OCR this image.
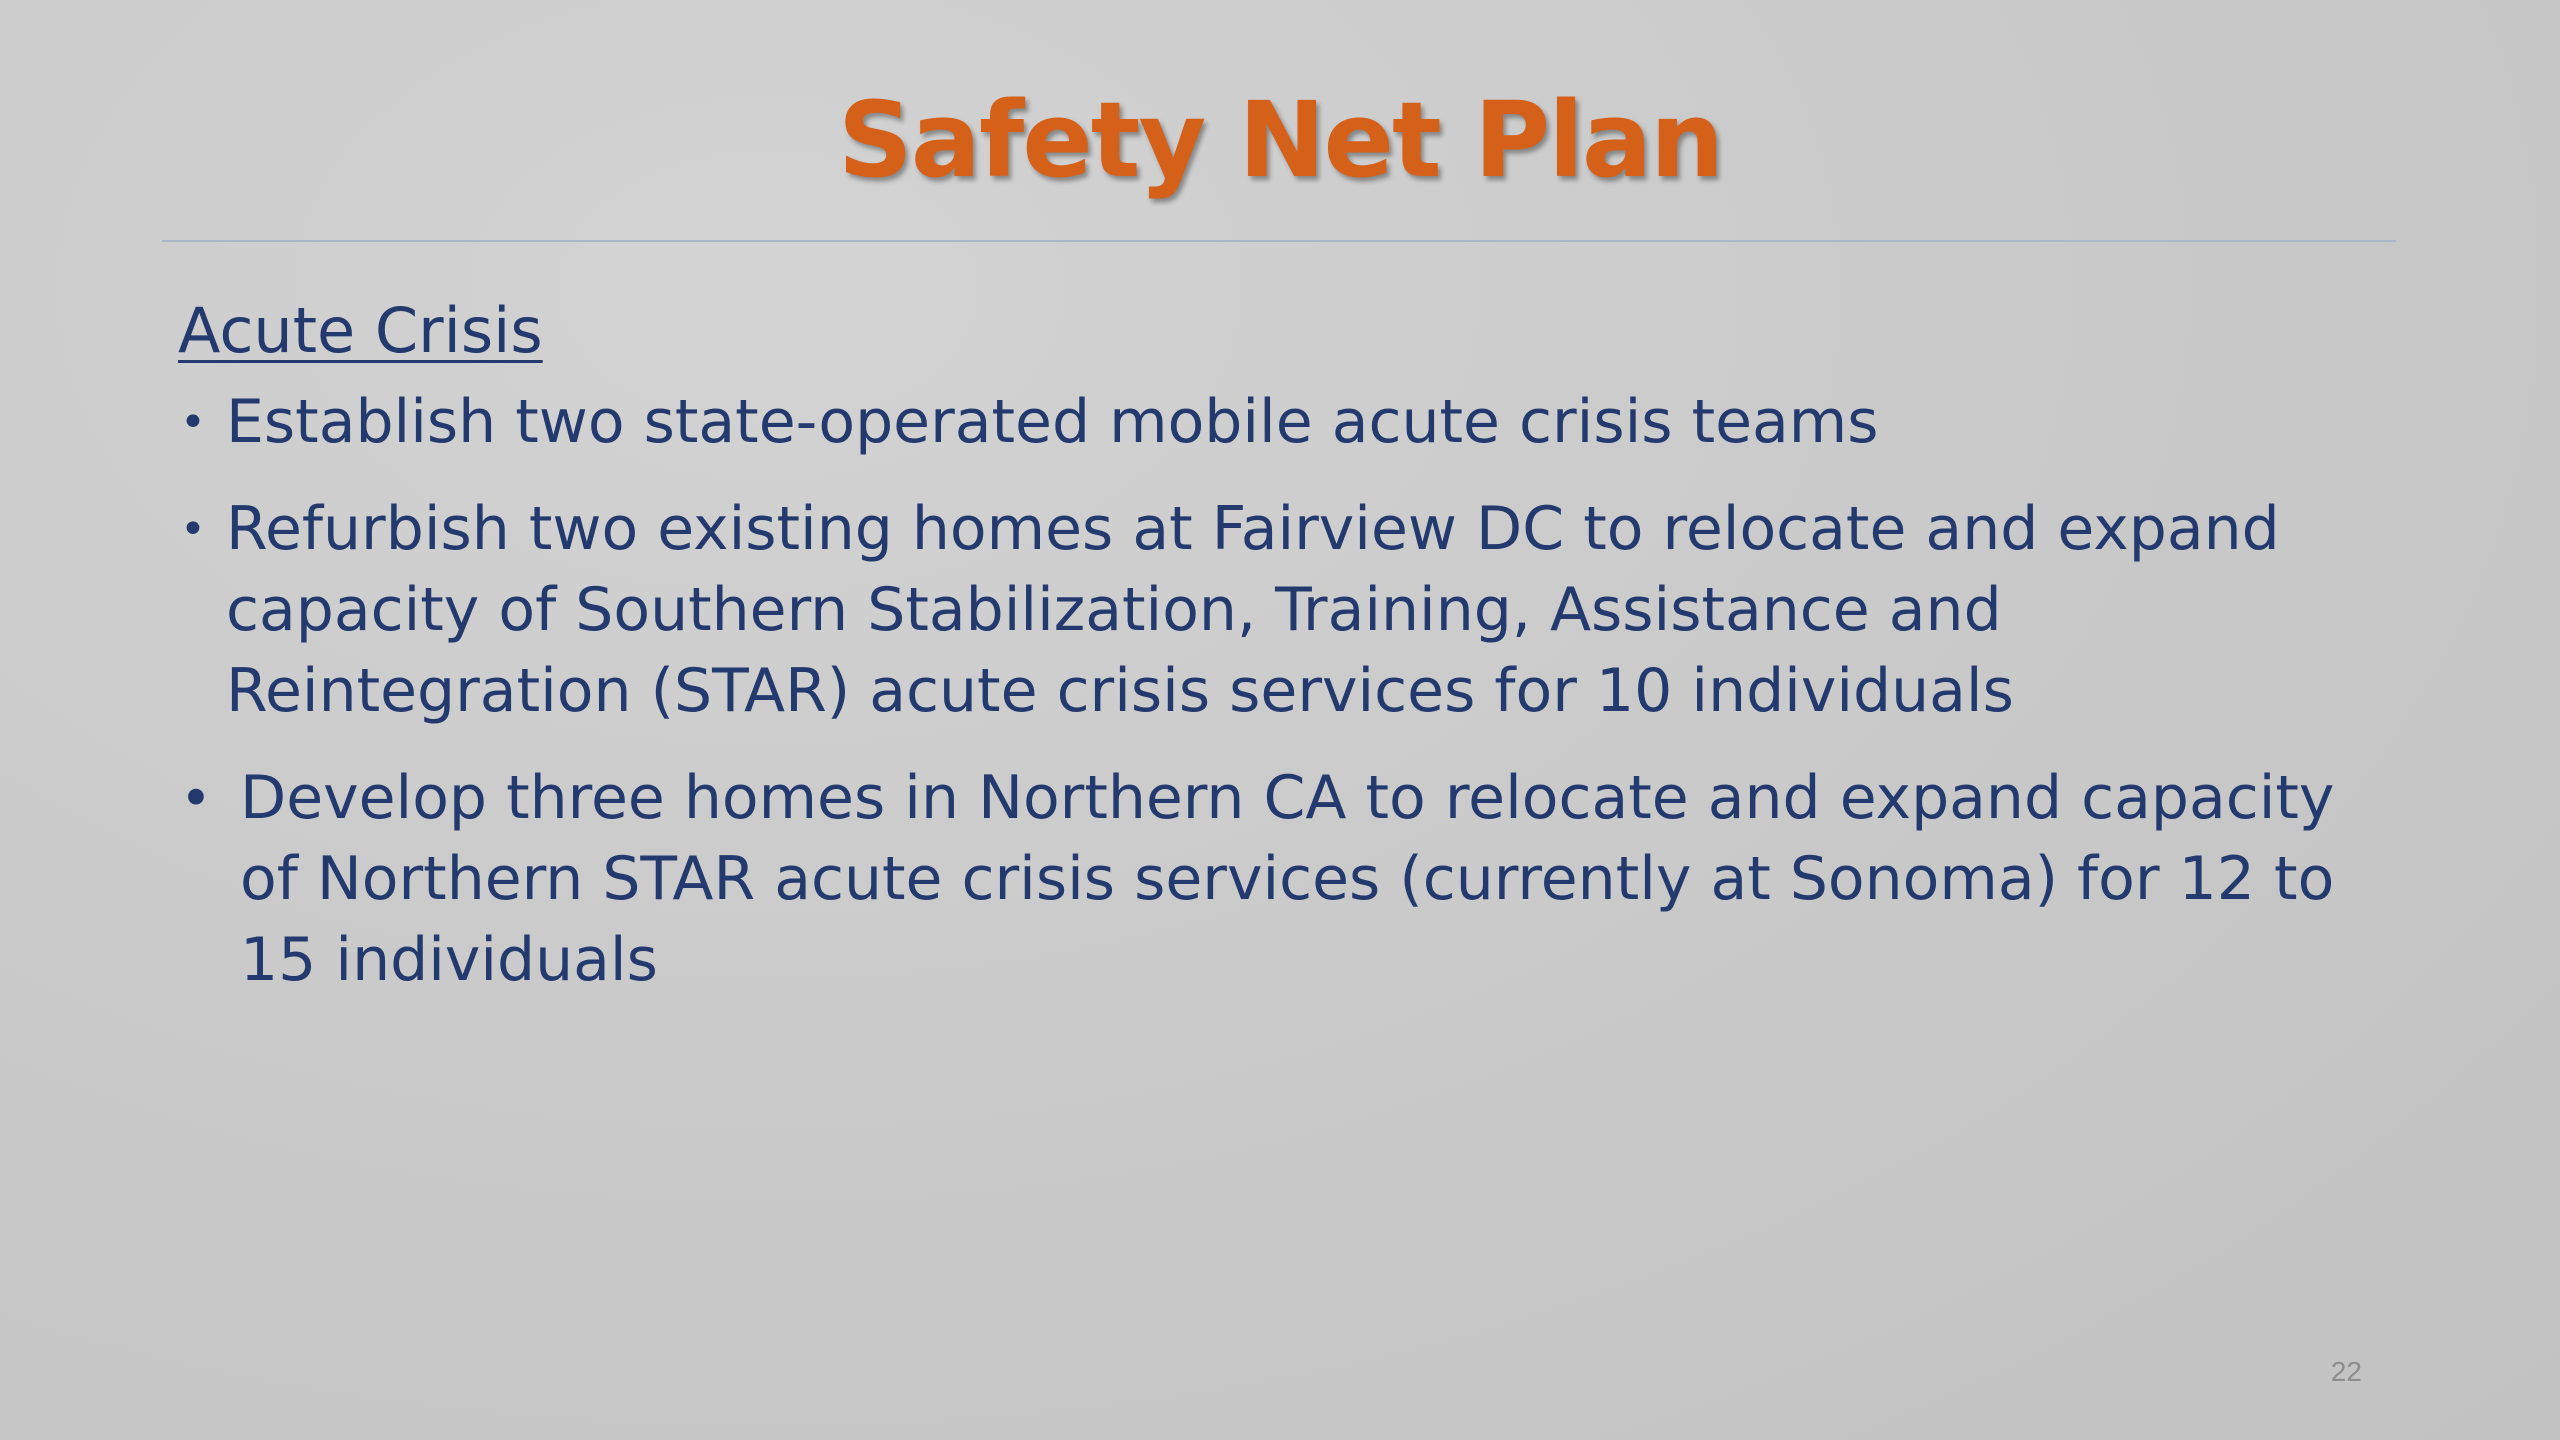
Safety Net Plan
Acute Crisis
• Establish two state-operated mobile acute crisis teams
• Refurbish two existing homes at Fairview DC to relocate and expand capacity of Southern Stabilization, Training, Assistance and Reintegration (STAR) acute crisis services for 10 individuals
• Develop three homes in Northern CA to relocate and expand capacity of Northern STAR acute crisis services (currently at Sonoma) for 12 to 15 individuals
22
